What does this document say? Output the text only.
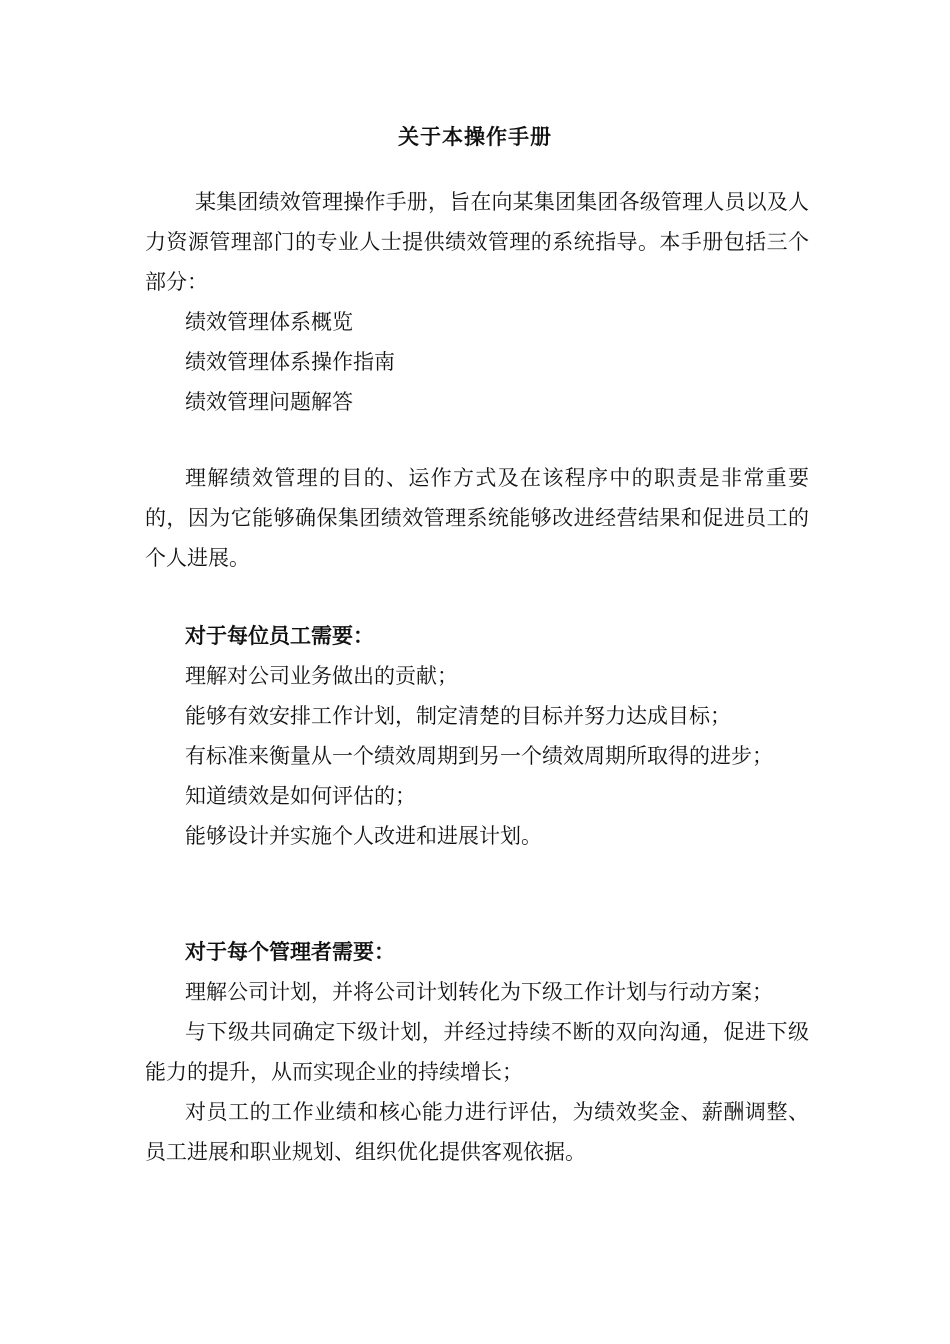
关于本操作手册

某集团绩效管理操作手册，旨在向某集团集团各级管理人员以及人力资源管理部门的专业人士提供绩效管理的系统指导。本手册包括三个部分：

绩效管理体系概览

绩效管理体系操作指南

绩效管理问题解答

理解绩效管理的目的、运作方式及在该程序中的职责是非常重要的，因为它能够确保集团绩效管理系统能够改进经营结果和促进员工的个人进展。

对于每位员工需要：

理解对公司业务做出的贡献；

能够有效安排工作计划，制定清楚的目标并努力达成目标；

有标准来衡量从一个绩效周期到另一个绩效周期所取得的进步；

知道绩效是如何评估的；

能够设计并实施个人改进和进展计划。

对于每个管理者需要：

理解公司计划，并将公司计划转化为下级工作计划与行动方案；

与下级共同确定下级计划，并经过持续不断的双向沟通，促进下级能力的提升，从而实现企业的持续增长；

对员工的工作业绩和核心能力进行评估，为绩效奖金、薪酬调整、员工进展和职业规划、组织优化提供客观依据。
